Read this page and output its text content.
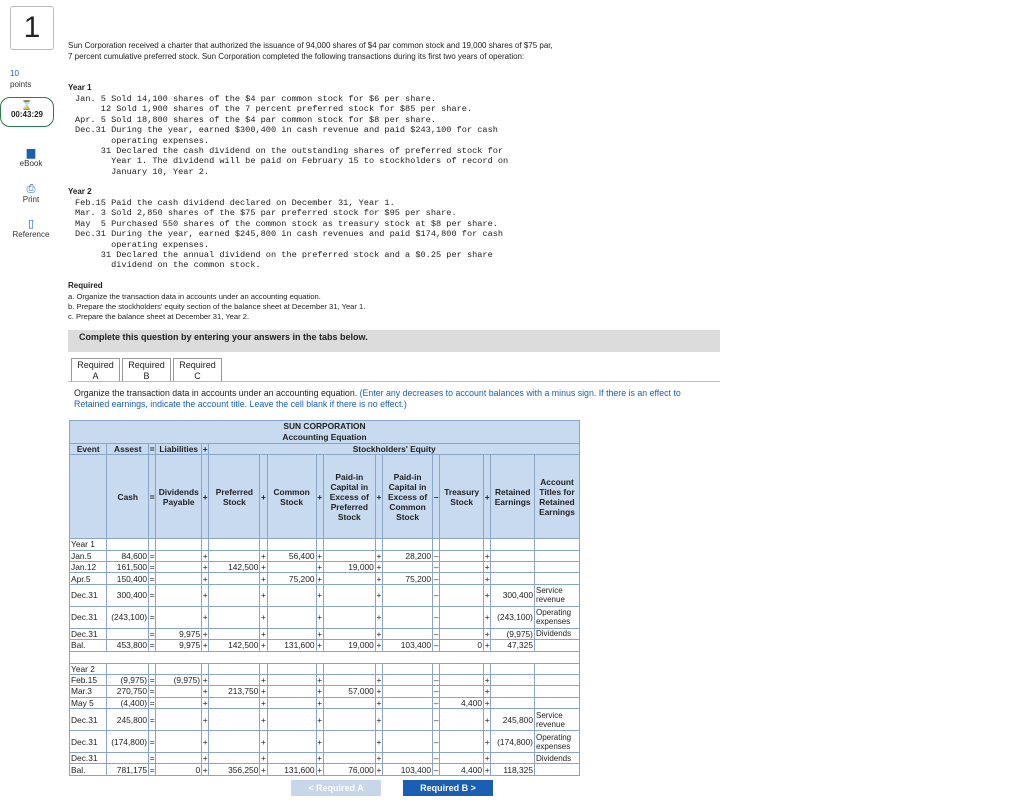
1
10
points
⌛
00:43:29
▆
eBook
⎙
Print
▯
Reference
Sun Corporation received a charter that authorized the issuance of 94,000 shares of $4 par common stock and 19,000 shares of $75 par, 7 percent cumulative preferred stock. Sun Corporation completed the following transactions during its first two years of operation:
Year 1
Jan. 5 Sold 14,100 shares of the $4 par common stock for $6 per share.
12 Sold 1,900 shares of the 7 percent preferred stock for $85 per share.
Apr. 5 Sold 18,800 shares of the $4 par common stock for $8 per share.
Dec.31 During the year, earned $300,400 in cash revenue and paid $243,100 for cash
operating expenses.
31 Declared the cash dividend on the outstanding shares of preferred stock for
Year 1. The dividend will be paid on February 15 to stockholders of record on
January 10, Year 2.
Year 2
Feb.15 Paid the cash dividend declared on December 31, Year 1.
Mar. 3 Sold 2,850 shares of the $75 par preferred stock for $95 per share.
May  5 Purchased 550 shares of the common stock as treasury stock at $8 per share.
Dec.31 During the year, earned $245,800 in cash revenues and paid $174,800 for cash
operating expenses.
31 Declared the annual dividend on the preferred stock and a $0.25 per share
dividend on the common stock.
Required
a. Organize the transaction data in accounts under an accounting equation.
b. Prepare the stockholders' equity section of the balance sheet at December 31, Year 1.
c. Prepare the balance sheet at December 31, Year 2.
Complete this question by entering your answers in the tabs below.
Required
A
Required
B
Required
C
Organize the transaction data in accounts under an accounting equation. (Enter any decreases to account balances with a minus sign. If there is an effect to Retained earnings, indicate the account title. Leave the cell blank if there is no effect.)
SUN CORPORATION																
Accounting Equation																
Event	Assest	=	Liabilities	+	Stockholders' Equity											
	Cash	=	Dividends Payable	+	Preferred Stock	+	Common Stock	+	Paid-in Capital in Excess of Preferred Stock	+	Paid-in Capital in Excess of Common Stock	–	Treasury Stock	+	Retained Earnings	Account Titles for Retained Earnings
Year 1																
Jan.5	84,600	=		+		+	56,400	+		+	28,200	–		+		
Jan.12	161,500	=		+	142,500	+		+	19,000	+		–		+		
Apr.5	150,400	=		+		+	75,200	+		+	75,200	–		+		
Dec.31	300,400	=		+		+		+		+		–		+	300,400	Service revenue
Dec.31	(243,100)	=		+		+		+		+		–		+	(243,100)	Operating expenses
Dec.31		=	9,975	+		+		+		+		–		+	(9,975)	Dividends
Bal.	453,800	=	9,975	+	142,500	+	131,600	+	19,000	+	103,400	–	0	+	47,325	

Year 2																
Feb.15	(9,975)	=	(9,975)	+		+		+		+		–		+		
Mar.3	270,750	=		+	213,750	+		+	57,000	+		–		+		
May 5	(4,400)	=		+		+		+		+		–	4,400	+		
Dec.31	245,800	=		+		+		+		+		–		+	245,800	Service revenue
Dec.31	(174,800)	=		+		+		+		+		–		+	(174,800)	Operating expenses
Dec.31		=		+		+		+		+		–		+		Dividends
Bal.	781,175	=	0	+	356,250	+	131,600	+	76,000	+	103,400	–	4,400	+	118,325	
< Required A	Required B >
